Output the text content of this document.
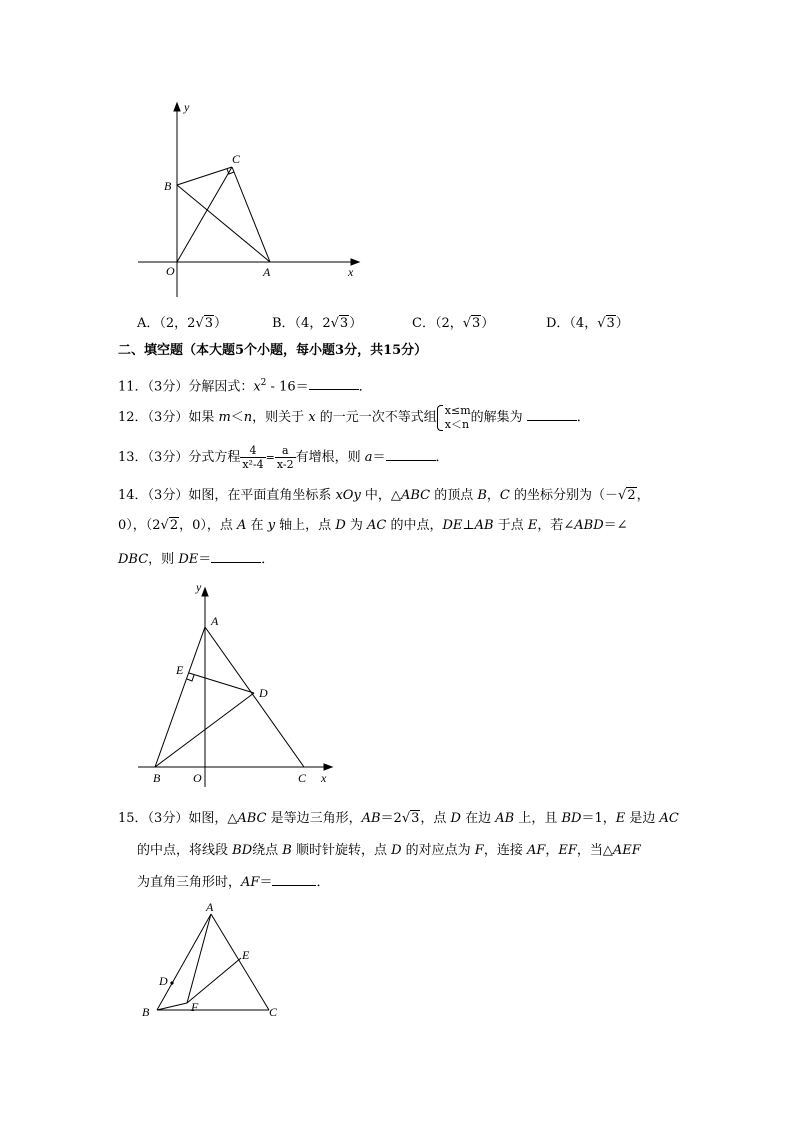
x
y
O	A
B
C
A．（2，2√3）	B．（4，2√3）	C．（2，√3）	D．（4，√3）
二、填空题（本大题5个小题，每小题3分，共15分）
11．（3分）分解因式：$x^2 - 16=$	．
12．（3分）如果 m＜n，则关于 x 的一元一次不等式组 x≤m
x＜n 的解集为	．
13．（3分）分式方程 $\frac{4}{\text{x²-4}} = \frac{a}{x-2}$ 有增根，则 a＝	．
14．（3分）如图，在平面直角坐标系 xOy 中，△ABC 的顶点 B，C 的坐标分别为（－√2，
0），（2√2，0），点 A 在 y 轴上，点 D 为 AC 的中点，DE⊥AB 于点 E，若∠ABD＝∠
DBC，则 DE＝	．
x
y
A
B	C
D
E
O
15．（3分）如图，△ABC 是等边三角形，AB＝2√3，点 D 在边 AB 上，且 BD＝1，E 是边 AC
的中点，将线段 BD绕点 B 顺时针旋转，点 D 的对应点为 F，连接 AF，EF，当△AEF
为直角三角形时，AF＝	．
A
B	C
D
E
F
